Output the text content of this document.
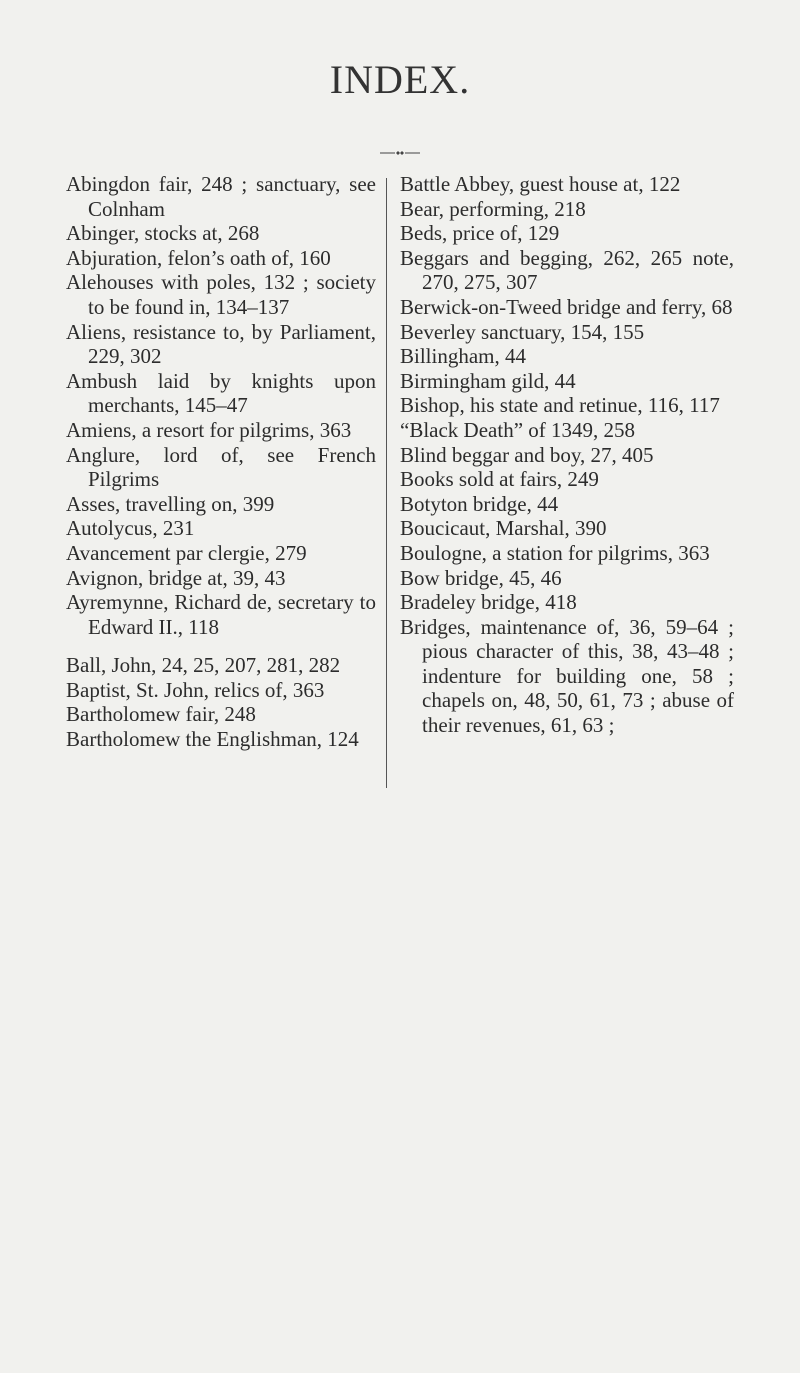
INDEX.
Abingdon fair, 248 ; sanctuary, see Colnham
Abinger, stocks at, 268
Abjuration, felon’s oath of, 160
Alehouses with poles, 132 ; society to be found in, 134–137
Aliens, resistance to, by Parliament, 229, 302
Ambush laid by knights upon merchants, 145–47
Amiens, a resort for pilgrims, 363
Anglure, lord of, see French Pilgrims
Asses, travelling on, 399
Autolycus, 231
Avancement par clergie, 279
Avignon, bridge at, 39, 43
Ayremynne, Richard de, secretary to Edward II., 118
Ball, John, 24, 25, 207, 281, 282
Baptist, St. John, relics of, 363
Bartholomew fair, 248
Bartholomew the Englishman, 124
Battle Abbey, guest house at, 122
Bear, performing, 218
Beds, price of, 129
Beggars and begging, 262, 265 note, 270, 275, 307
Berwick-on-Tweed bridge and ferry, 68
Beverley sanctuary, 154, 155
Billingham, 44
Birmingham gild, 44
Bishop, his state and retinue, 116, 117
“Black Death” of 1349, 258
Blind beggar and boy, 27, 405
Books sold at fairs, 249
Botyton bridge, 44
Boucicaut, Marshal, 390
Boulogne, a station for pilgrims, 363
Bow bridge, 45, 46
Bradeley bridge, 418
Bridges, maintenance of, 36, 59–64 ; pious character of this, 38, 43–48 ; indenture for building one, 58 ; chapels on, 48, 50, 61, 73 ; abuse of their revenues, 61, 63 ;
